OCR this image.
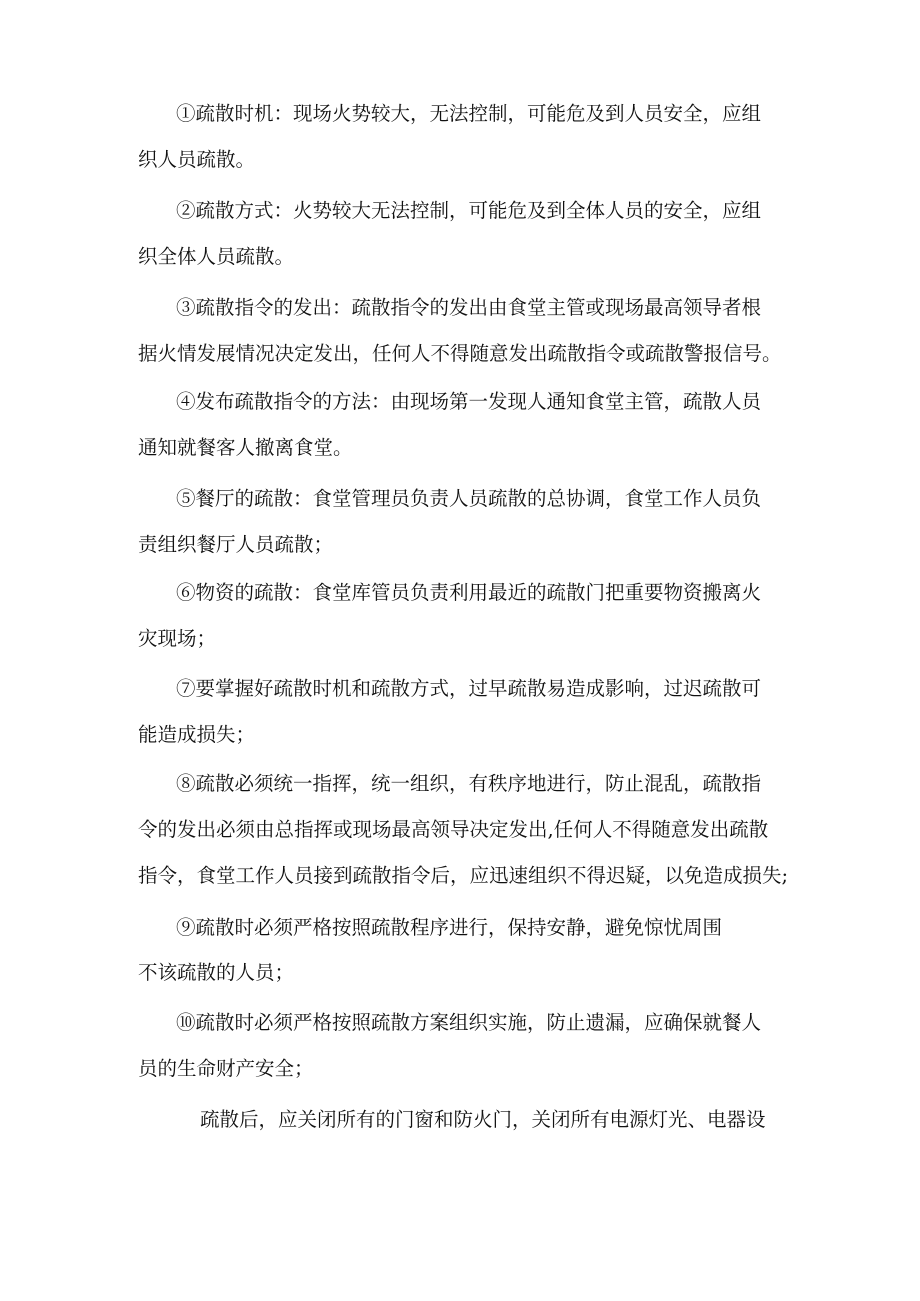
①疏散时机：现场火势较大，无法控制，可能危及到人员安全，应组
织人员疏散。
②疏散方式：火势较大无法控制，可能危及到全体人员的安全，应组
织全体人员疏散。
③疏散指令的发出：疏散指令的发出由食堂主管或现场最高领导者根
据火情发展情况决定发出，任何人不得随意发出疏散指令或疏散警报信号。
④发布疏散指令的方法：由现场第一发现人通知食堂主管，疏散人员
通知就餐客人撤离食堂。
⑤餐厅的疏散：食堂管理员负责人员疏散的总协调，食堂工作人员负
责组织餐厅人员疏散；
⑥物资的疏散：食堂库管员负责利用最近的疏散门把重要物资搬离火
灾现场；
⑦要掌握好疏散时机和疏散方式，过早疏散易造成影响，过迟疏散可
能造成损失；
⑧疏散必须统一指挥，统一组织，有秩序地进行，防止混乱，疏散指
令的发出必须由总指挥或现场最高领导决定发出,任何人不得随意发出疏散
指令，食堂工作人员接到疏散指令后，应迅速组织不得迟疑，以免造成损失;
⑨疏散时必须严格按照疏散程序进行，保持安静，避免惊忧周围
不该疏散的人员；
⑩疏散时必须严格按照疏散方案组织实施，防止遗漏，应确保就餐人
员的生命财产安全；
疏散后，应关闭所有的门窗和防火门，关闭所有电源灯光、电器设
